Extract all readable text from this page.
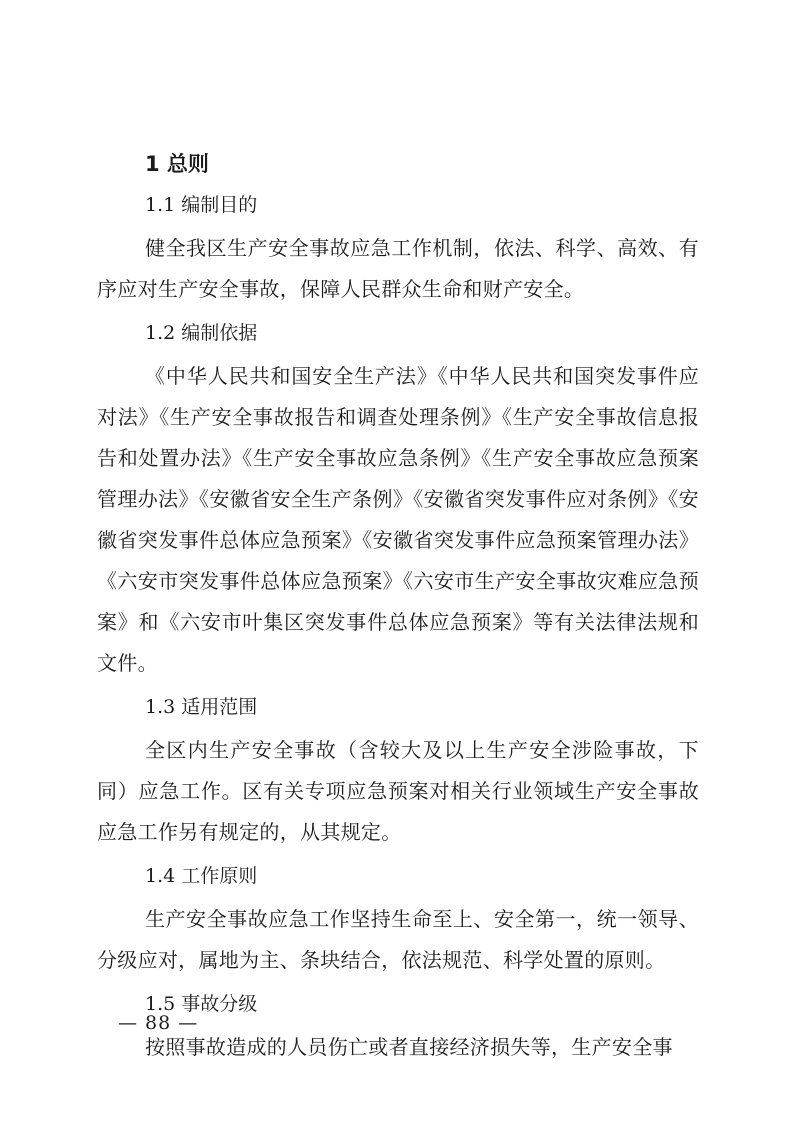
1 总则
1.1 编制目的

健全我区生产安全事故应急工作机制，依法、科学、高效、有序应对生产安全事故，保障人民群众生命和财产安全。

1.2 编制依据

《中华人民共和国安全生产法》《中华人民共和国突发事件应对法》《生产安全事故报告和调查处理条例》《生产安全事故信息报告和处置办法》《生产安全事故应急条例》《生产安全事故应急预案管理办法》《安徽省安全生产条例》《安徽省突发事件应对条例》《安徽省突发事件总体应急预案》《安徽省突发事件应急预案管理办法》《六安市突发事件总体应急预案》《六安市生产安全事故灾难应急预案》和《六安市叶集区突发事件总体应急预案》等有关法律法规和文件。

1.3 适用范围

全区内生产安全事故（含较大及以上生产安全涉险事故，下同）应急工作。区有关专项应急预案对相关行业领域生产安全事故应急工作另有规定的，从其规定。

1.4 工作原则

生产安全事故应急工作坚持生命至上、安全第一，统一领导、分级应对，属地为主、条块结合，依法规范、科学处置的原则。

1.5 事故分级

按照事故造成的人员伤亡或者直接经济损失等，生产安全事

— 88 —
